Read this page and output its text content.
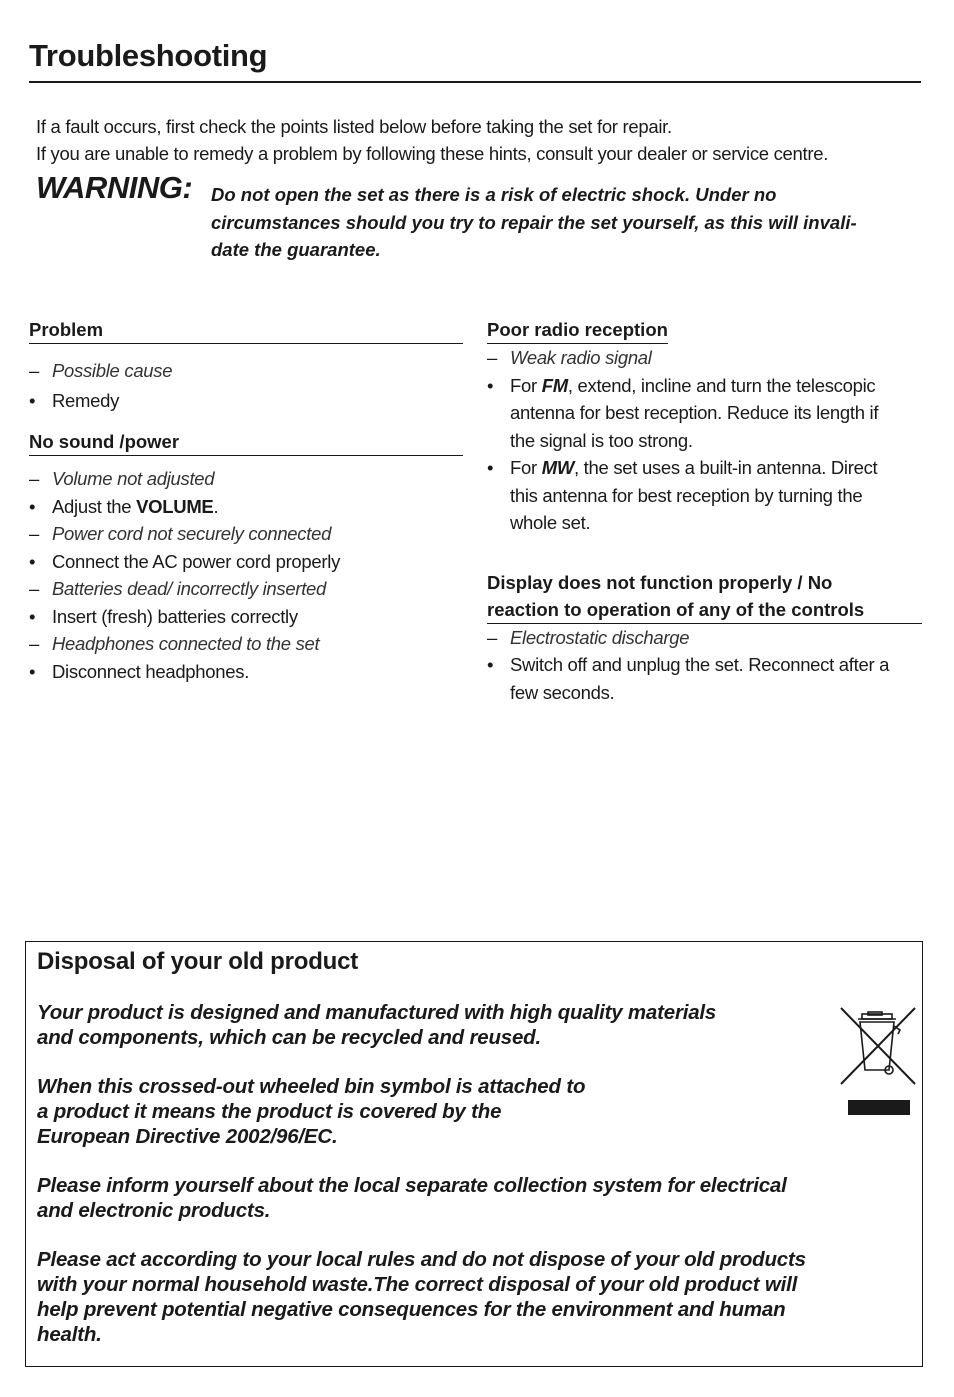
Troubleshooting
If a fault occurs, first check the points listed below before taking the set for repair.
If you are unable to remedy a problem by following these hints, consult your dealer or service centre.
WARNING: Do not open the set as there is a risk of electric shock. Under no
circumstances should you try to repair the set yourself, as this will invali-
date the guarantee.
Problem
– Possible cause
• Remedy
No sound /power
– Volume not adjusted
• Adjust the VOLUME.
– Power cord not securely connected
• Connect the AC power cord properly
– Batteries dead/ incorrectly inserted
• Insert (fresh) batteries correctly
– Headphones connected to the set
• Disconnect headphones.
Poor radio reception
– Weak radio signal
• For FM, extend, incline and turn the telescopic
antenna for best reception. Reduce its length if
the signal is too strong.
• For MW, the set uses a built-in antenna. Direct
this antenna for best reception by turning the
whole set.
Display does not function properly / No
reaction to operation of any of the controls
– Electrostatic discharge
• Switch off and unplug the set. Reconnect after a
few seconds.
Disposal of your old product
Your product is designed and manufactured with high quality materials
and components, which can be recycled and reused.
When this crossed-out wheeled bin symbol is attached to
a product it means the product is covered by the
European Directive 2002/96/EC.
Please inform yourself about the local separate collection system for electrical
and electronic products.
Please act according to your local rules and do not dispose of your old products
with your normal household waste.The correct disposal of your old product will
help prevent potential negative consequences for the environment and human
health.
